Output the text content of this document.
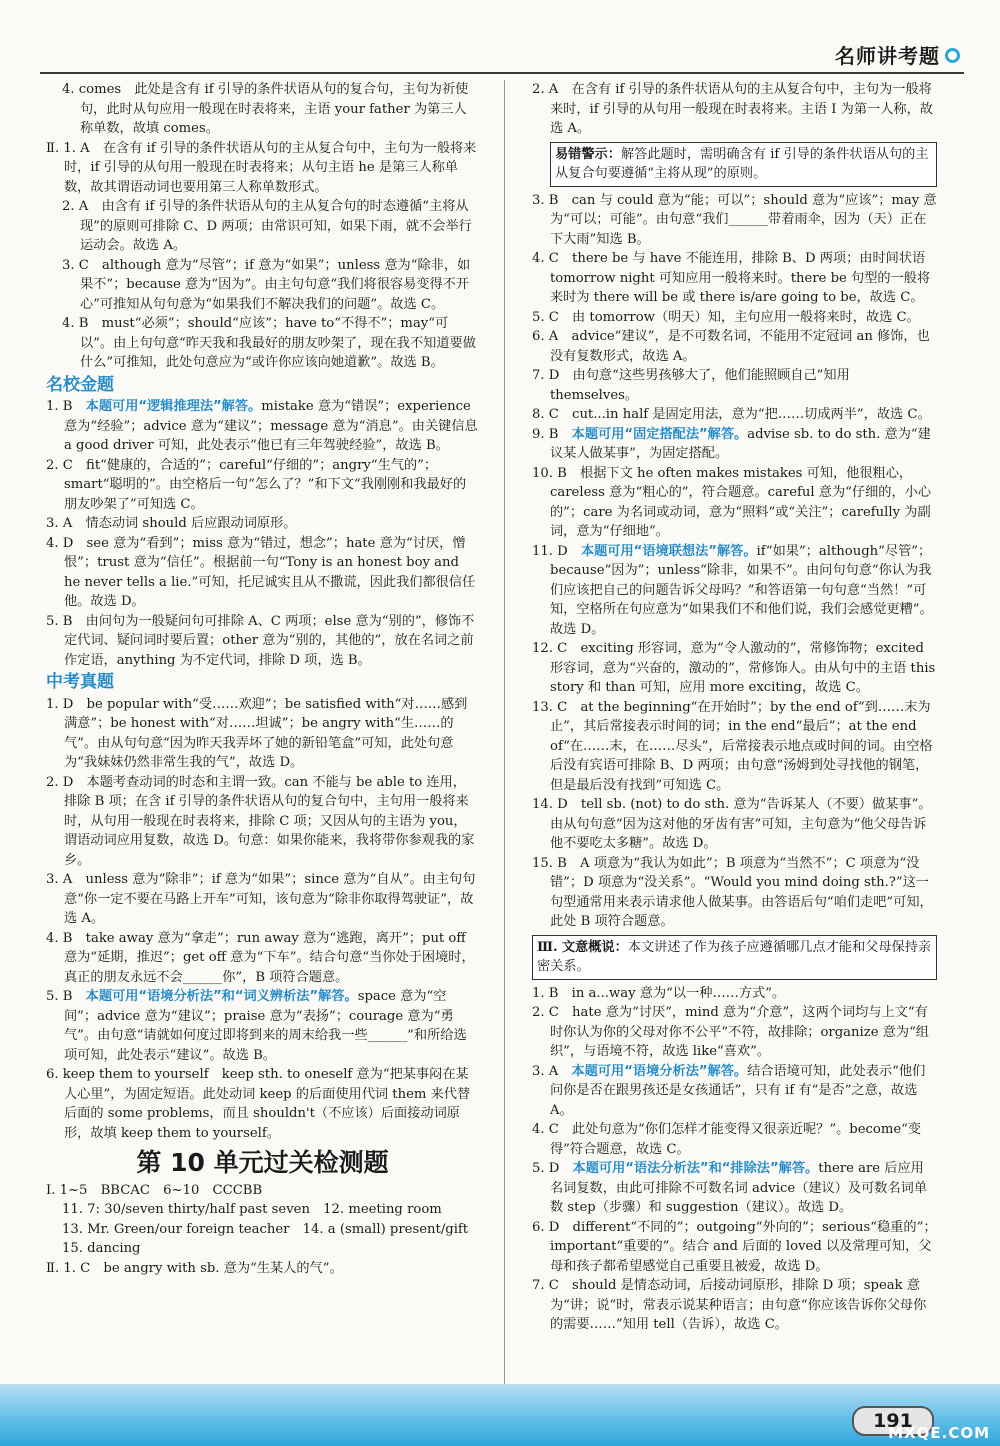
名师讲考题

4. comes　此处是含有 if 引导的条件状语从句的复合句，主句为祈使句，此时从句应用一般现在时表将来，主语 your father 为第三人称单数，故填 comes。

Ⅱ. 1. A　在含有 if 引导的条件状语从句的主从复合句中，主句为一般将来时，if 引导的从句用一般现在时表将来；从句主语 he 是第三人称单数，故其谓语动词也要用第三人称单数形式。

2. A　由含有 if 引导的条件状语从句的主从复合句的时态遵循“主将从现”的原则可排除 C、D 两项；由常识可知，如果下雨，就不会举行运动会。故选 A。

3. C　although 意为“尽管”；if 意为“如果”；unless 意为“除非，如果不”；because 意为“因为”。由主句句意“我们将很容易变得不开心”可推知从句句意为“如果我们不解决我们的问题”。故选 C。

4. B　must“必须”；should“应该”；have to“不得不”；may“可以”。由上句句意“昨天我和我最好的朋友吵架了，现在我不知道要做什么”可推知，此处句意应为“或许你应该向她道歉”。故选 B。

名校金题

1. B　 本题可用“逻辑推理法”解答。mistake 意为“错误”；experience 意为“经验”；advice 意为“建议”；message 意为“消息”。由关键信息 a good driver 可知，此处表示“他已有三年驾驶经验”，故选 B。

2. C　fit“健康的，合适的”；careful“仔细的”；angry“生气的”；smart“聪明的”。由空格后一句“怎么了？”和下文“我刚刚和我最好的朋友吵架了”可知选 C。

3. A　情态动词 should 后应跟动词原形。

4. D　see 意为“看到”；miss 意为“错过，想念”；hate 意为“讨厌，憎恨”；trust 意为“信任”。根据前一句“Tony is an honest boy and he never tells a lie.”可知，托尼诚实且从不撒谎，因此我们都很信任他。故选 D。

5. B　由问句为一般疑问句可排除 A、C 两项；else 意为“别的”，修饰不定代词、疑问词时要后置；other 意为“别的，其他的”，放在名词之前作定语，anything 为不定代词，排除 D 项，选 B。

中考真题

1. D　be popular with“受……欢迎”；be satisfied with“对……感到满意”；be honest with“对……坦诚”；be angry with“生……的气”。由从句句意“因为昨天我弄坏了她的新铅笔盒”可知，此处句意为“我妹妹仍然非常生我的气”，故选 D。

2. D　本题考查动词的时态和主谓一致。can 不能与 be able to 连用，排除 B 项；在含 if 引导的条件状语从句的复合句中，主句用一般将来时，从句用一般现在时表将来，排除 C 项；又因从句的主语为 you，谓语动词应用复数，故选 D。句意：如果你能来，我将带你参观我的家乡。

3. A　unless 意为“除非”；if 意为“如果”；since 意为“自从”。由主句句意“你一定不要在马路上开车”可知，该句意为“除非你取得驾驶证”，故选 A。

4. B　take away 意为“拿走”；run away 意为“逃跑，离开”；put off 意为“延期，推迟”；get off 意为“下车”。结合句意“当你处于困境时，真正的朋友永远不会______你”，B 项符合题意。

5. B　 本题可用“语境分析法”和“词义辨析法”解答。space 意为“空间”；advice 意为“建议”；praise 意为“表扬”；courage 意为“勇气”。由句意“请就如何度过即将到来的周末给我一些______”和所给选项可知，此处表示“建议”。故选 B。

6. keep them to yourself　keep sth. to oneself 意为“把某事闷在某人心里”，为固定短语。此处动词 keep 的后面使用代词 them 来代替后面的 some problems，而且 shouldn't（不应该）后面接动词原形，故填 keep them to yourself。

第 10 单元过关检测题

Ⅰ. 1~5　BBCAC　6~10　CCCBB

11. 7: 30/seven thirty/half past seven　12. meeting room

13. Mr. Green/our foreign teacher　14. a (small) present/gift

15. dancing

Ⅱ. 1. C　be angry with sb. 意为“生某人的气”。

2. A　在含有 if 引导的条件状语从句的主从复合句中，主句为一般将来时，if 引导的从句用一般现在时表将来。主语 I 为第一人称，故选 A。

易错警示：解答此题时，需明确含有 if 引导的条件状语从句的主从复合句要遵循“主将从现”的原则。

3. B　can 与 could 意为“能；可以”；should 意为“应该”；may 意为“可以；可能”。由句意“我们______带着雨伞，因为（天）正在下大雨”知选 B。

4. C　there be 与 have 不能连用，排除 B、D 两项；由时间状语 tomorrow night 可知应用一般将来时。there be 句型的一般将来时为 there will be 或 there is/are going to be，故选 C。

5. C　由 tomorrow（明天）知，主句应用一般将来时，故选 C。

6. A　advice“建议”，是不可数名词，不能用不定冠词 an 修饰，也没有复数形式，故选 A。

7. D　由句意“这些男孩够大了，他们能照顾自己”知用 themselves。

8. C　cut...in half 是固定用法，意为“把……切成两半”，故选 C。

9. B　 本题可用“固定搭配法”解答。advise sb. to do sth. 意为“建议某人做某事”，为固定搭配。

10. B　根据下文 he often makes mistakes 可知，他很粗心，careless 意为“粗心的”，符合题意。careful 意为“仔细的，小心的”；care 为名词或动词，意为“照料”或“关注”；carefully 为副词，意为“仔细地”。

11. D　 本题可用“语境联想法”解答。if“如果”；although“尽管”；because“因为”；unless“除非，如果不”。由问句句意“你认为我们应该把自己的问题告诉父母吗？”和答语第一句句意“当然！”可知，空格所在句应意为“如果我们不和他们说，我们会感觉更糟”。故选 D。

12. C　exciting 形容词，意为“令人激动的”，常修饰物；excited 形容词，意为“兴奋的，激动的”，常修饰人。由从句中的主语 this story 和 than 可知，应用 more exciting，故选 C。

13. C　at the beginning“在开始时”；by the end of“到……末为止”，其后常接表示时间的词；in the end“最后”；at the end of“在……末，在……尽头”，后常接表示地点或时间的词。由空格后没有宾语可排除 B、D 两项；由句意“汤姆到处寻找他的钢笔，但是最后没有找到”可知选 C。

14. D　tell sb. (not) to do sth. 意为“告诉某人（不要）做某事”。由从句句意“因为这对他的牙齿有害”可知，主句意为“他父母告诉他不要吃太多糖”。故选 D。

15. B　A 项意为“我认为如此”；B 项意为“当然不”；C 项意为“没错”；D 项意为“没关系”。“Would you mind doing sth.?”这一句型通常用来表示请求他人做某事。由答语后句“咱们走吧”可知，此处 B 项符合题意。

Ⅲ. 文意概说：本文讲述了作为孩子应遵循哪几点才能和父母保持亲密关系。

1. B　in a...way 意为“以一种……方式”。

2. C　hate 意为“讨厌”，mind 意为“介意”，这两个词均与上文“有时你认为你的父母对你不公平”不符，故排除；organize 意为“组织”，与语境不符，故选 like“喜欢”。

3. A　 本题可用“语境分析法”解答。结合语境可知，此处表示“他们问你是否在跟男孩还是女孩通话”，只有 if 有“是否”之意，故选 A。

4. C　此处句意为“你们怎样才能变得又很亲近呢？”。become“变得”符合题意，故选 C。

5. D　 本题可用“语法分析法”和“排除法”解答。there are 后应用名词复数，由此可排除不可数名词 advice（建议）及可数名词单数 step（步骤）和 suggestion（建议）。故选 D。

6. D　different“不同的”；outgoing“外向的”；serious“稳重的”；important“重要的”。结合 and 后面的 loved 以及常理可知，父母和孩子都希望感觉自己重要且被爱，故选 D。

7. C　should 是情态动词，后接动词原形，排除 D 项；speak 意为“讲；说”时，常表示说某种语言；由句意“你应该告诉你父母你的需要……”知用 tell（告诉），故选 C。

191
MXQE.COM
